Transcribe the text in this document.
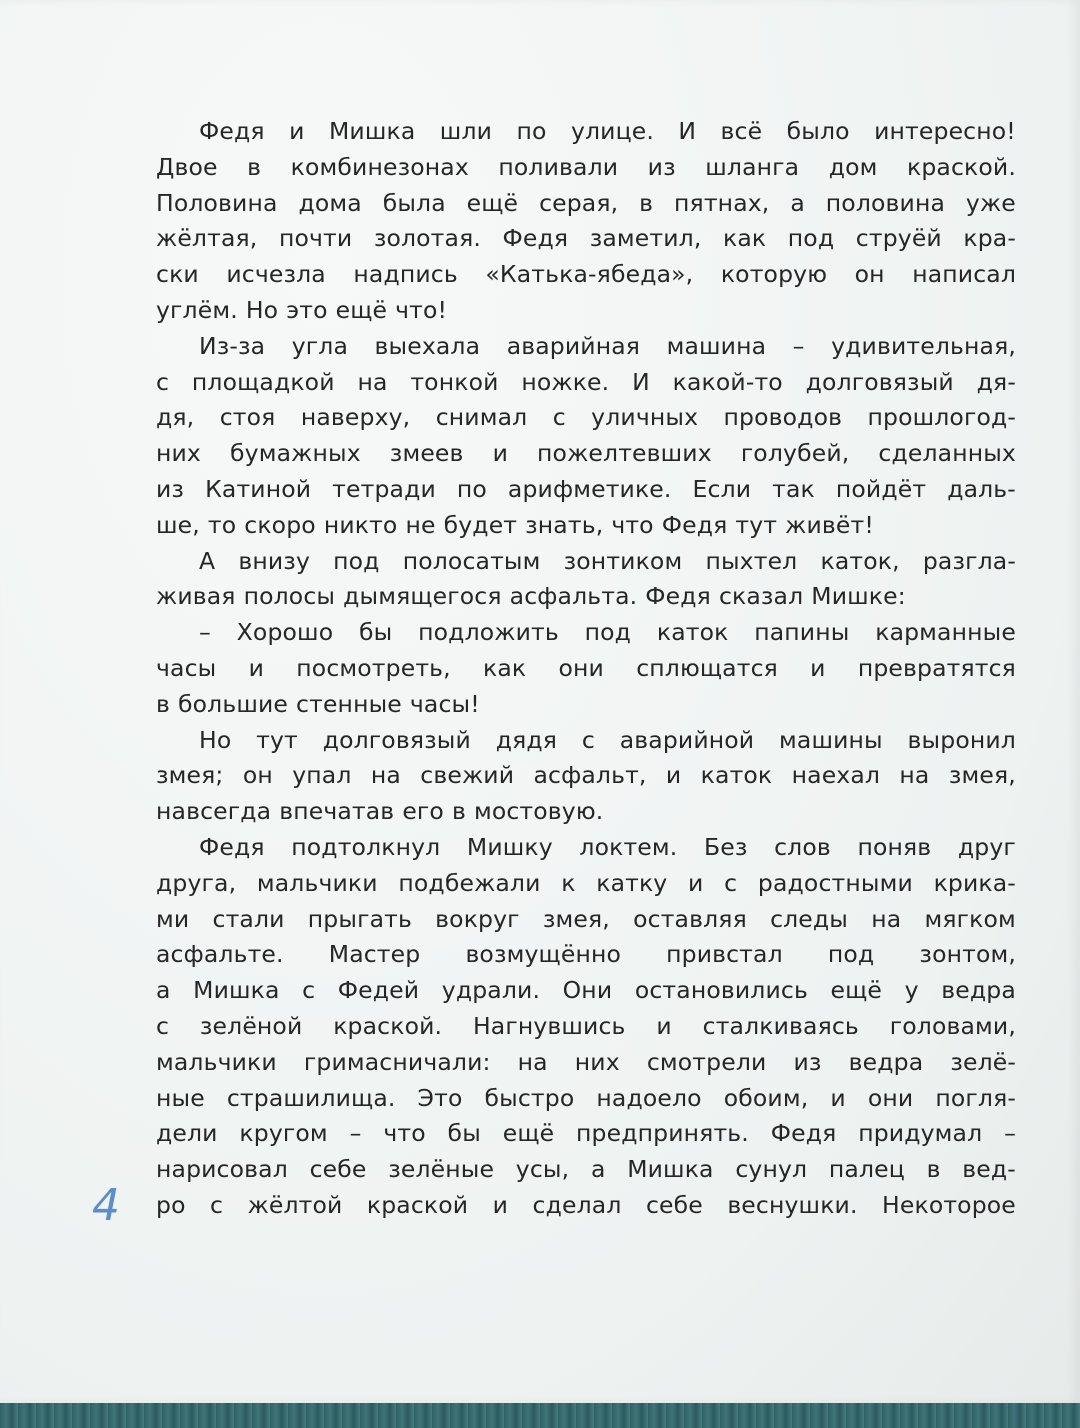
Федя и Мишка шли по улице. И всё было интересно!
Двое в комбинезонах поливали из шланга дом краской.
Половина дома была ещё серая, в пятнах, а половина уже
жёлтая, почти золотая. Федя заметил, как под струёй кра-
ски исчезла надпись «Катька-ябеда», которую он написал
углём. Но это ещё что!
Из-за угла выехала аварийная машина – удивительная,
с площадкой на тонкой ножке. И какой-то долговязый дя-
дя, стоя наверху, снимал с уличных проводов прошлогод-
них бумажных змеев и пожелтевших голубей, сделанных
из Катиной тетради по арифметике. Если так пойдёт даль-
ше, то скоро никто не будет знать, что Федя тут живёт!
А внизу под полосатым зонтиком пыхтел каток, разгла-
живая полосы дымящегося асфальта. Федя сказал Мишке:
– Хорошо бы подложить под каток папины карманные
часы и посмотреть, как они сплющатся и превратятся
в большие стенные часы!
Но тут долговязый дядя с аварийной машины выронил
змея; он упал на свежий асфальт, и каток наехал на змея,
навсегда впечатав его в мостовую.
Федя подтолкнул Мишку локтем. Без слов поняв друг
друга, мальчики подбежали к катку и с радостными крика-
ми стали прыгать вокруг змея, оставляя следы на мягком
асфальте. Мастер возмущённо привстал под зонтом,
а Мишка с Федей удрали. Они остановились ещё у ведра
с зелёной краской. Нагнувшись и сталкиваясь головами,
мальчики гримасничали: на них смотрели из ведра зелё-
ные страшилища. Это быстро надоело обоим, и они погля-
дели кругом – что бы ещё предпринять. Федя придумал –
нарисовал себе зелёные усы, а Мишка сунул палец в вед-
ро с жёлтой краской и сделал себе веснушки. Некоторое
4
